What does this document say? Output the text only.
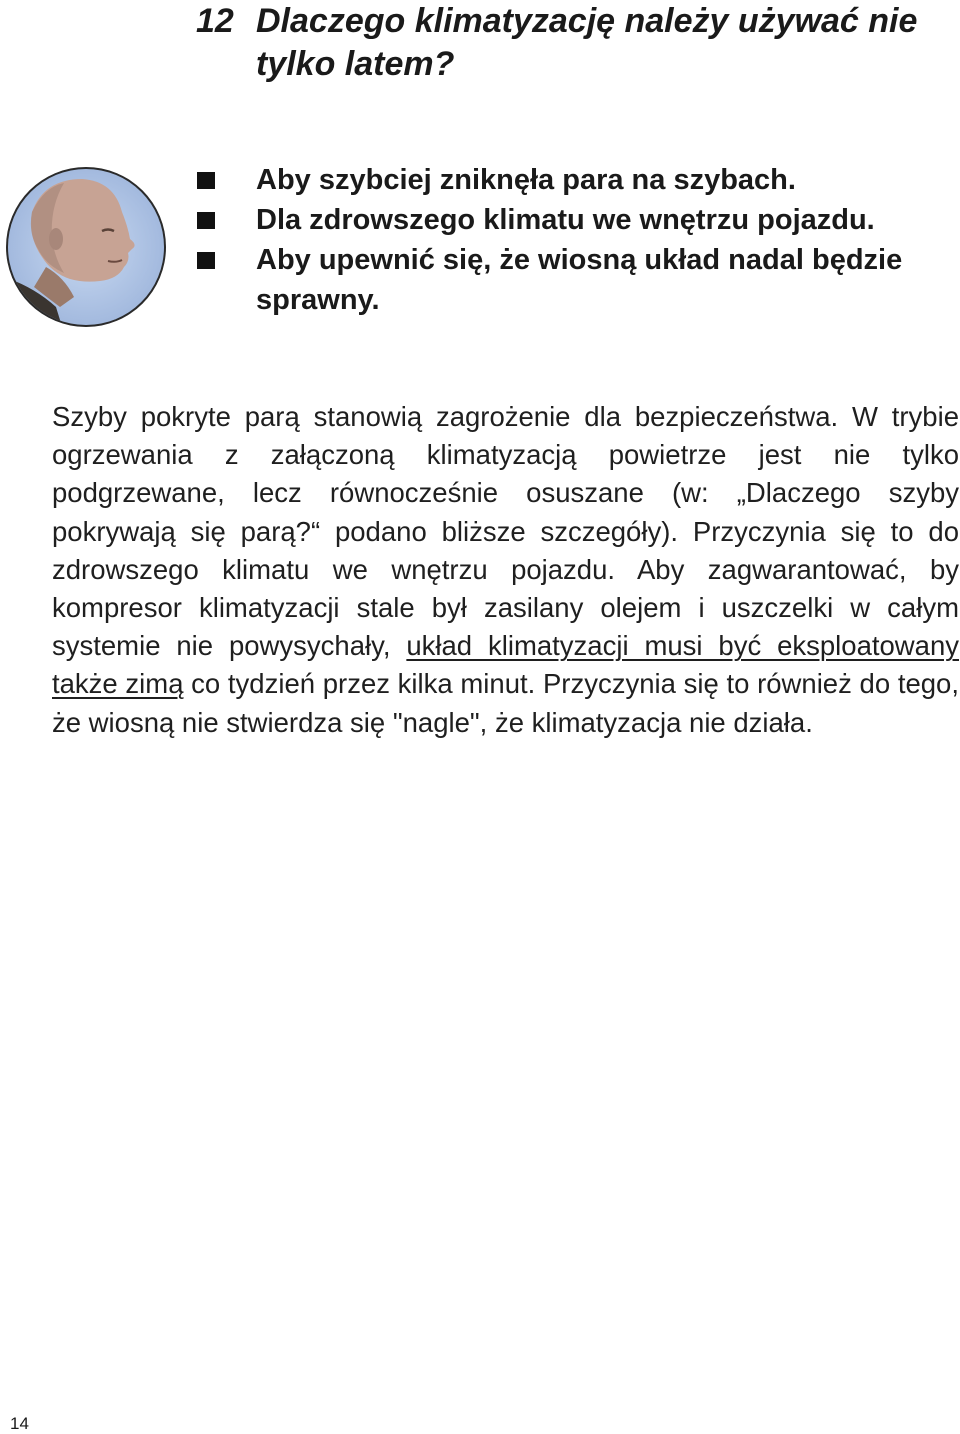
12 Dlaczego klimatyzację należy używać nie tylko latem?
Aby szybciej zniknęła para na szybach.
Dla zdrowszego klimatu we wnętrzu pojazdu.
Aby upewnić się, że wiosną układ nadal będzie sprawny.

Szyby pokryte parą stanowią zagrożenie dla bezpieczeństwa. W trybie ogrzewania z załączoną klimatyzacją powietrze jest nie tylko podgrzewane, lecz równocześnie osuszane (w: „Dlaczego szyby pokrywają się parą?“ podano bliższe szczegóły). Przyczynia się to do zdrowszego klimatu we wnętrzu pojazdu. Aby zagwarantować, by kompresor klimatyzacji stale był zasilany olejem i uszczelki w całym systemie nie powysychały, układ klimatyzacji musi być eksploatowany także zimą co tydzień przez kilka minut. Przyczynia się to również do tego, że wiosną nie stwierdza się "nagle", że klimatyzacja nie działa.

14
